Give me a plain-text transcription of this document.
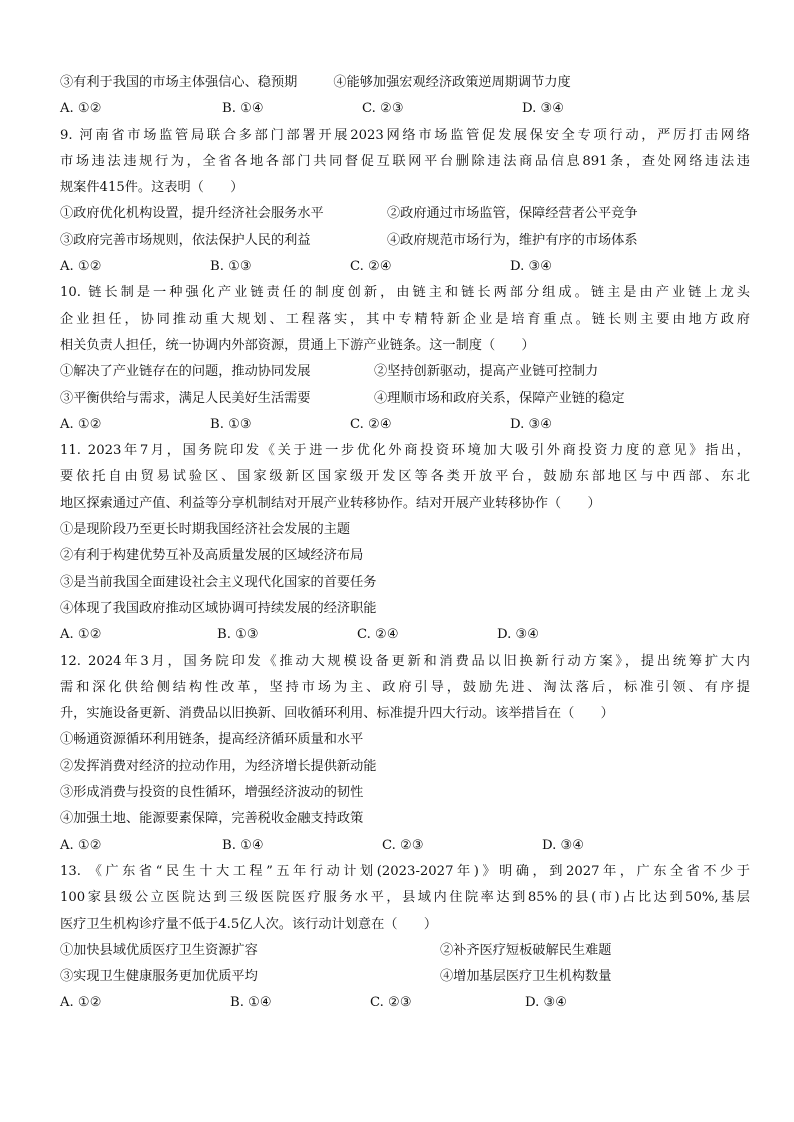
③有利于我国的市场主体强信心、稳预期	④能够加强宏观经济政策逆周期调节力度
A. ①②	B. ①④	C. ②③	D. ③④
9. 河南省市场监管局联合多部门部署开展2023网络市场监管促发展保安全专项行动，严厉打击网络
市场违法违规行为，全省各地各部门共同督促互联网平台删除违法商品信息891条，查处网络违法违
规案件415件。这表明（　　）
①政府优化机构设置，提升经济社会服务水平	②政府通过市场监管，保障经营者公平竞争
③政府完善市场规则，依法保护人民的利益	④政府规范市场行为，维护有序的市场体系
A. ①②	B. ①③	C. ②④	D. ③④
10. 链长制是一种强化产业链责任的制度创新，由链主和链长两部分组成。链主是由产业链上龙头
企业担任，协同推动重大规划、工程落实，其中专精特新企业是培育重点。链长则主要由地方政府
相关负责人担任，统一协调内外部资源，贯通上下游产业链条。这一制度（　　）
①解决了产业链存在的问题，推动协同发展	②坚持创新驱动，提高产业链可控制力
③平衡供给与需求，满足人民美好生活需要	④理顺市场和政府关系，保障产业链的稳定
A. ①②	B. ①③	C. ②④	D. ③④
11. 2023年7月，国务院印发《关于进一步优化外商投资环境加大吸引外商投资力度的意见》指出，
要依托自由贸易试验区、国家级新区国家级开发区等各类开放平台，鼓励东部地区与中西部、东北
地区探索通过产值、利益等分享机制结对开展产业转移协作。结对开展产业转移协作（　　）
①是现阶段乃至更长时期我国经济社会发展的主题
②有利于构建优势互补及高质量发展的区域经济布局
③是当前我国全面建设社会主义现代化国家的首要任务
④体现了我国政府推动区域协调可持续发展的经济职能
A. ①②	B. ①③	C. ②④	D. ③④
12. 2024年3月，国务院印发《推动大规模设备更新和消费品以旧换新行动方案》，提出统筹扩大内
需和深化供给侧结构性改革，坚持市场为主、政府引导，鼓励先进、淘汰落后，标准引领、有序提
升，实施设备更新、消费品以旧换新、回收循环利用、标准提升四大行动。该举措旨在（　　）
①畅通资源循环利用链条，提高经济循环质量和水平
②发挥消费对经济的拉动作用，为经济增长提供新动能
③形成消费与投资的良性循环，增强经济波动的韧性
④加强土地、能源要素保障，完善税收金融支持政策
A. ①②	B. ①④	C. ②③	D. ③④
13. 《广东省“民生十大工程”五年行动计划(2023-2027年)》明确，到2027年，广东全省不少于
100家县级公立医院达到三级医院医疗服务水平，县域内住院率达到85%的县(市)占比达到50%,基层
医疗卫生机构诊疗量不低于4.5亿人次。该行动计划意在（　　）
①加快县域优质医疗卫生资源扩容	②补齐医疗短板破解民生难题
③实现卫生健康服务更加优质平均	④增加基层医疗卫生机构数量
A. ①②	B. ①④	C. ②③	D. ③④
